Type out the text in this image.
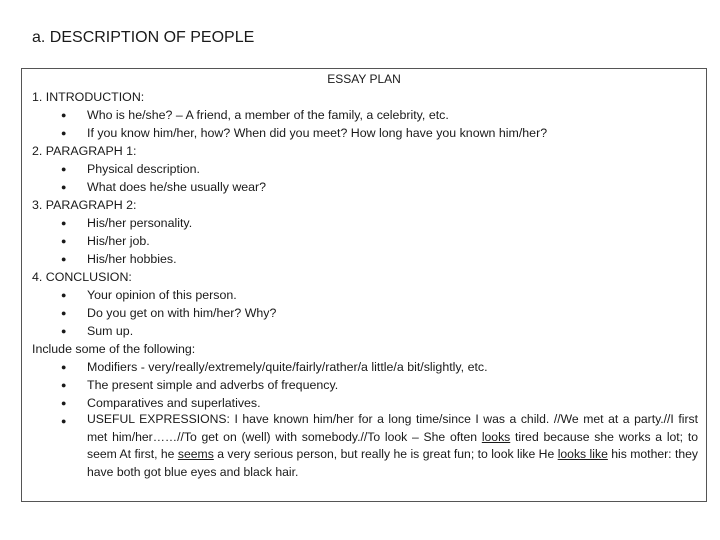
a. DESCRIPTION OF PEOPLE
ESSAY PLAN
1. INTRODUCTION:
● Who is he/she? – A friend, a member of the family, a celebrity, etc.
● If you know him/her, how? When did you meet? How long have you known him/her?
2. PARAGRAPH 1:
● Physical description.
● What does he/she usually wear?
3. PARAGRAPH 2:
● His/her personality.
● His/her job.
● His/her hobbies.
4. CONCLUSION:
● Your opinion of this person.
● Do you get on with him/her? Why?
● Sum up.
Include some of the following:
● Modifiers - very/really/extremely/quite/fairly/rather/a little/a bit/slightly, etc.
● The present simple and adverbs of frequency.
● Comparatives and superlatives.
● USEFUL EXPRESSIONS: I have known him/her for a long time/since I was a child. //We met at a party.//I first met him/her……//To get on (well) with somebody.//To look – She often looks tired because she works a lot; to seem At first, he seems a very serious person, but really he is great fun; to look like He looks like his mother: they have both got blue eyes and black hair.
